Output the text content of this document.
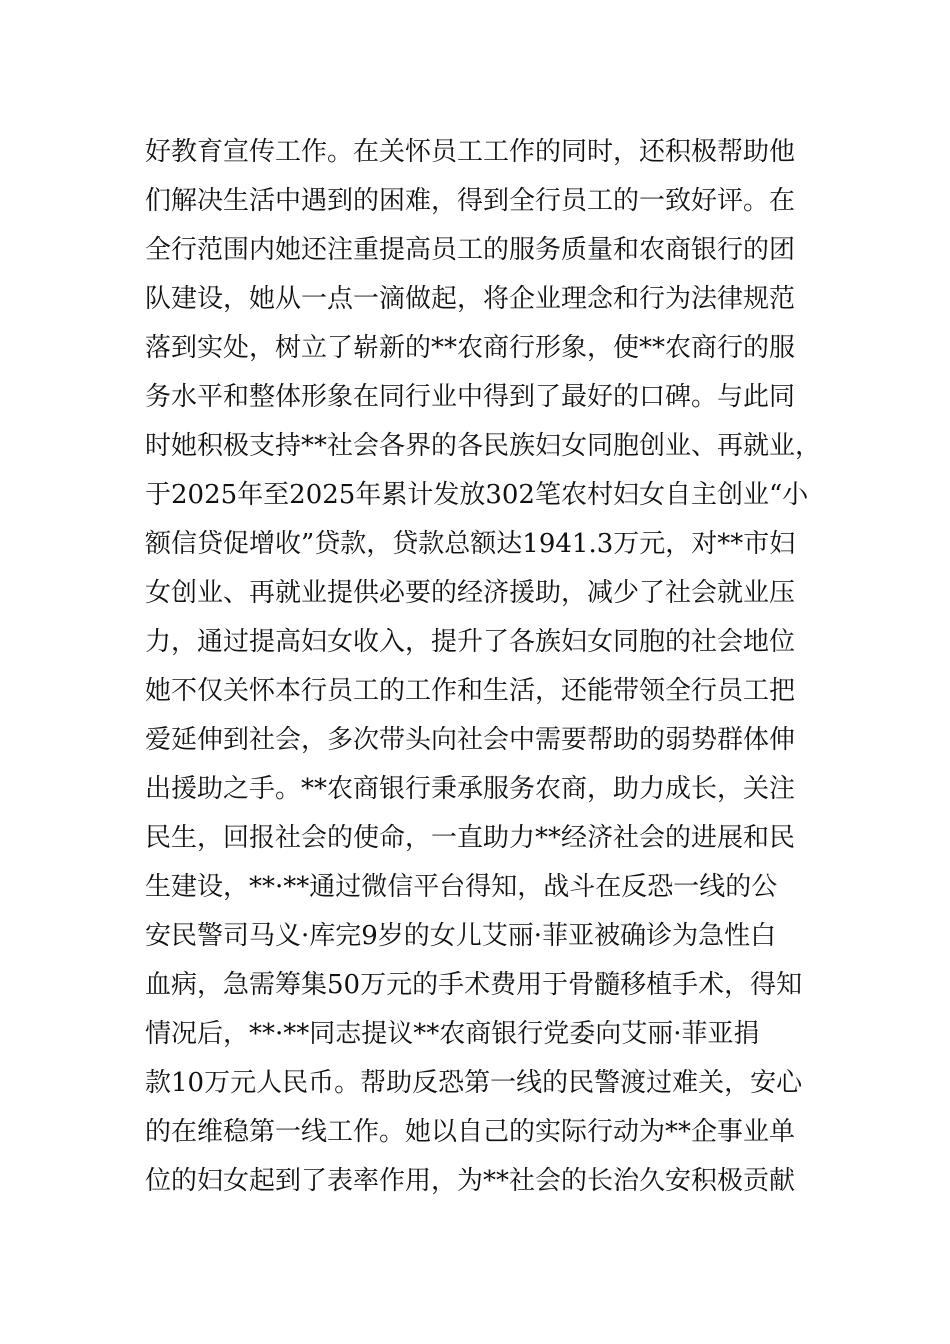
好教育宣传工作。在关怀员工工作的同时，还积极帮助他
们解决生活中遇到的困难，得到全行员工的一致好评。在
全行范围内她还注重提高员工的服务质量和农商银行的团
队建设，她从一点一滴做起，将企业理念和行为法律规范
落到实处，树立了崭新的**农商行形象，使**农商行的服
务水平和整体形象在同行业中得到了最好的口碑。与此同
时她积极支持**社会各界的各民族妇女同胞创业、再就业，
于2025年至2025年累计发放302笔农村妇女自主创业“小
额信贷促增收”贷款，贷款总额达1941.3万元，对**市妇
女创业、再就业提供必要的经济援助，减少了社会就业压
力，通过提高妇女收入，提升了各族妇女同胞的社会地位
她不仅关怀本行员工的工作和生活，还能带领全行员工把
爱延伸到社会，多次带头向社会中需要帮助的弱势群体伸
出援助之手。**农商银行秉承服务农商，助力成长，关注
民生，回报社会的使命，一直助力**经济社会的进展和民
生建设，**·**通过微信平台得知，战斗在反恐一线的公
安民警司马义·库完9岁的女儿艾丽·菲亚被确诊为急性白
血病，急需筹集50万元的手术费用于骨髓移植手术，得知
情况后，**·**同志提议**农商银行党委向艾丽·菲亚捐
款10万元人民币。帮助反恐第一线的民警渡过难关，安心
的在维稳第一线工作。她以自己的实际行动为**企事业单
位的妇女起到了表率作用，为**社会的长治久安积极贡献
